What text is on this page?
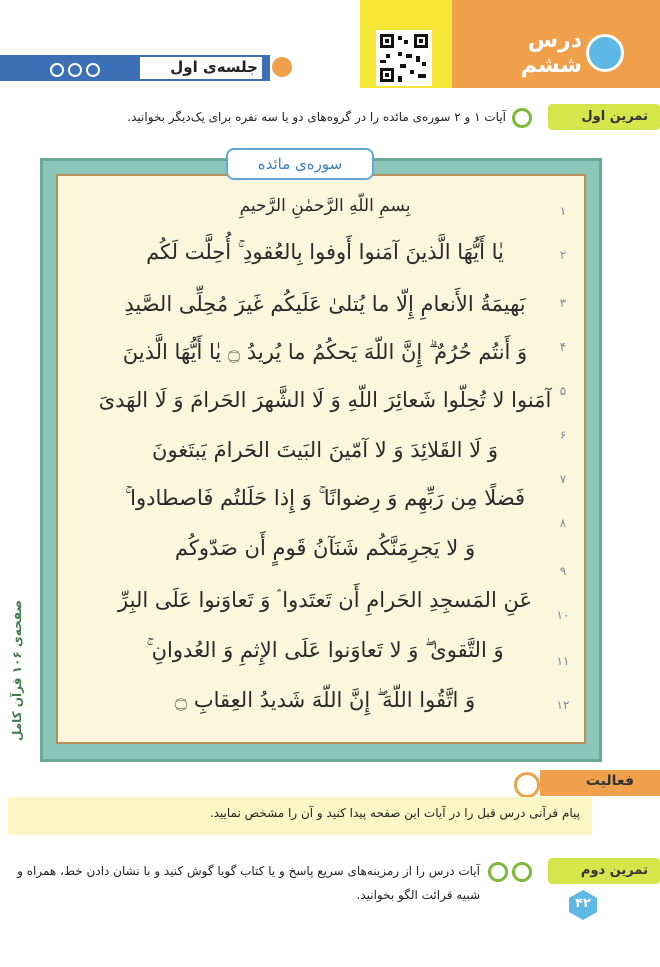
درس ششم
جلسه‌ی اول
تمرین اول
آیات ۱ و ۲ سوره‌ی مائده را در گروه‌های دو یا سه نفره برای یک‌دیگر بخوانید.
سوره‌ی مائده
بِسمِ اللّهِ الرَّحمٰنِ الرَّحیمِ
یٰا أَیُّهَا الَّذینَ آمَنوا أَوفوا بِالعُقودِ ۚ أُحِلَّت لَکُم
بَهیمَةُ الأَنعامِ إِلّا ما یُتلیٰ عَلَیکُم غَیرَ مُحِلِّی الصَّیدِ
وَ أَنتُم حُرُمٌ ۗ إِنَّ اللّهَ یَحکُمُ ما یُریدُ ۝ یٰا أَیُّهَا الَّذینَ
آمَنوا لا تُحِلّوا شَعائِرَ اللّهِ وَ لَا الشَّهرَ الحَرامَ وَ لَا الهَدیَ
وَ لَا القَلائِدَ وَ لا آمّینَ البَیتَ الحَرامَ یَبتَغونَ
فَضلًا مِن رَبِّهِم وَ رِضوانًا ۚ وَ إِذا حَلَلتُم فَاصطادوا ۚ
وَ لا یَجرِمَنَّکُم شَنَآنُ قَومٍ أَن صَدّوکُم
عَنِ المَسجِدِ الحَرامِ أَن تَعتَدوا ۘ وَ تَعاوَنوا عَلَی البِرِّ
وَ التَّقویٰ ۖ وَ لا تَعاوَنوا عَلَی الإِثمِ وَ العُدوانِ ۚ
وَ اتَّقُوا اللّهَ ۖ إِنَّ اللّهَ شَدیدُ العِقابِ ۝
۱
۲
۳
۴
۵
۶
۷
۸
۹
۱۰
۱۱
۱۲
صفحه‌ی ۱۰۶ قرآن کامل
فعالیت
پیام قرآنی درس قبل را در آیات این صفحه پیدا کنید و آن را مشخص نمایید.
تمرین دوم
آیات درس را از رمزینه‌های سریع پاسخ و یا کتاب گویا گوش کنید و با نشان دادن خط، همراه و
شبیه قرائت الگو بخوانید.
۴۲
